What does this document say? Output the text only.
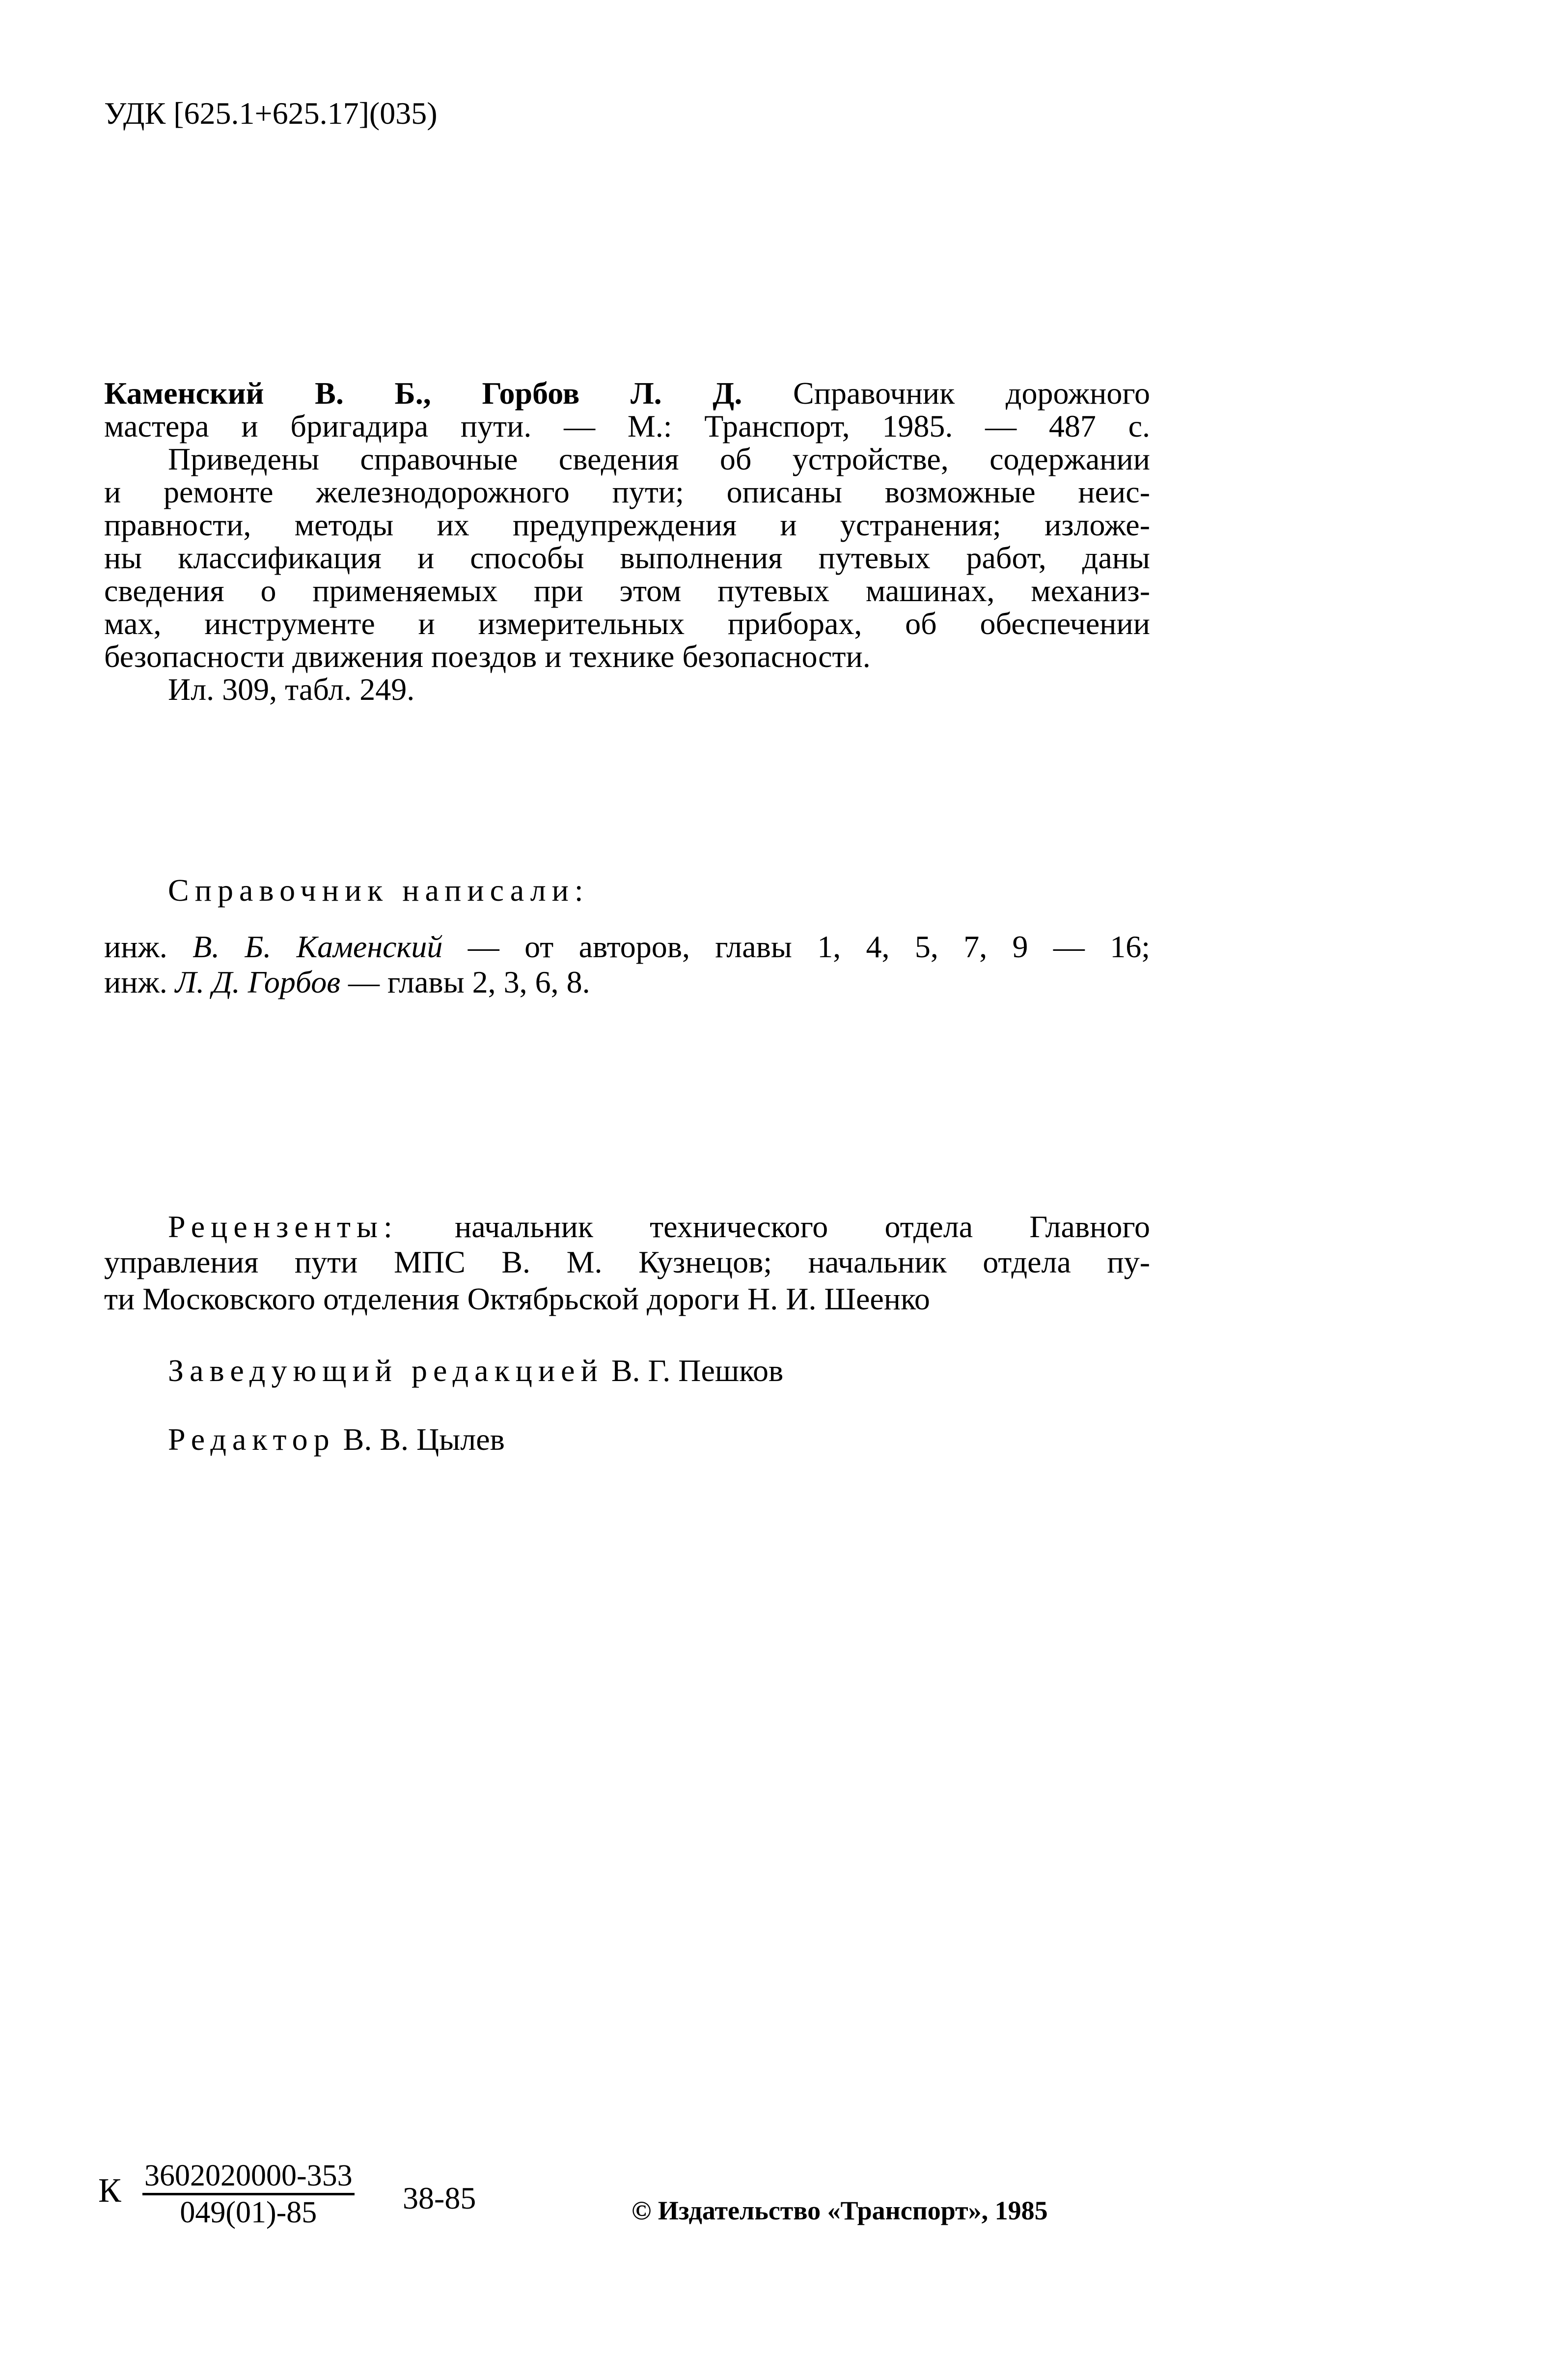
УДК [625.1+625.17](035)
Каменский В. Б., Горбов Л. Д. Справочник дорожного
мастера и бригадира пути. — М.: Транспорт, 1985. — 487 с.
Приведены справочные сведения об устройстве, содержании
и ремонте железнодорожного пути; описаны возможные неис-
правности, методы их предупреждения и устранения; изложе-
ны классификация и способы выполнения путевых работ, даны
сведения о применяемых при этом путевых машинах, механиз-
мах, инструменте и измерительных приборах, об обеспечении
безопасности движения поездов и технике безопасности.
Ил. 309, табл. 249.
Справочник написали:
инж. В. Б. Каменский — от авторов, главы 1, 4, 5, 7, 9 — 16;
инж. Л. Д. Горбов — главы 2, 3, 6, 8.
Рецензенты: начальник технического отдела Главного
управления пути МПС В. М. Кузнецов; начальник отдела пу-
ти Московского отделения Октябрьской дороги Н. И. Шеенко
Заведующий редакцией В. Г. Пешков
Редактор В. В. Цылев
К $\frac{3602020000-353}{049(01)-85} 38-85$	© Издательство «Транспорт», 1985
